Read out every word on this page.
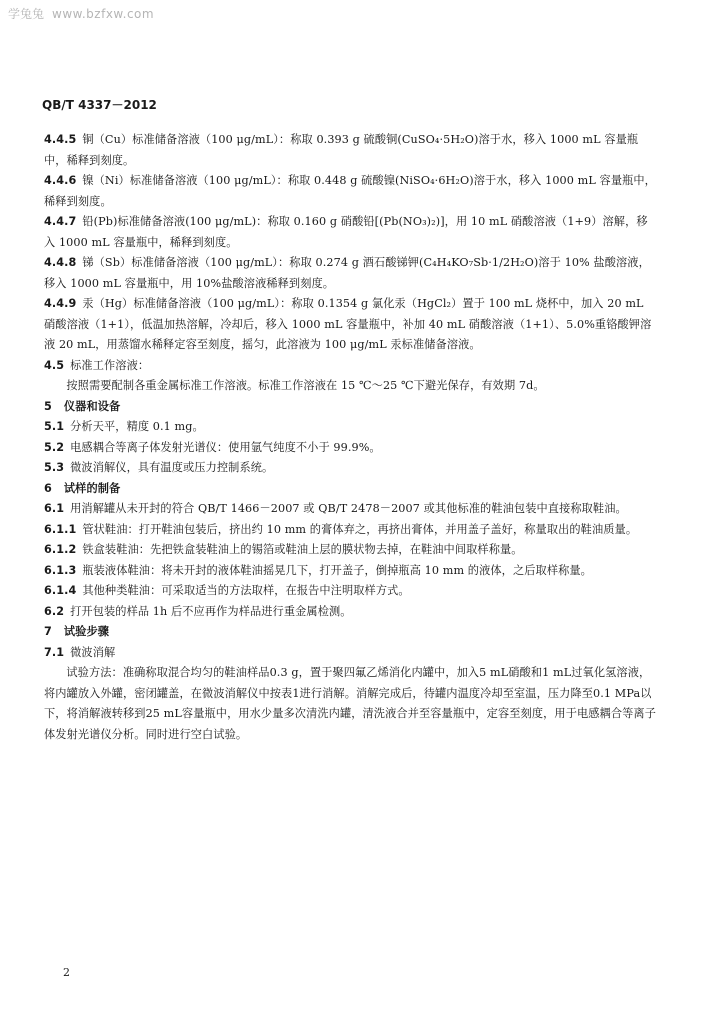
学兔兔 www.bzfxw.com
QB/T 4337－2012

4.4.5 铜（Cu）标准储备溶液（100 μg/mL）：称取 0.393 g 硫酸铜(CuSO₄·5H₂O)溶于水，移入 1000 mL 容量瓶中，稀释到刻度。

4.4.6 镍（Ni）标准储备溶液（100 μg/mL）：称取 0.448 g 硫酸镍(NiSO₄·6H₂O)溶于水，移入 1000 mL 容量瓶中，稀释到刻度。

4.4.7 铅(Pb)标准储备溶液(100 μg/mL)：称取 0.160 g 硝酸铅[(Pb(NO₃)₂)]，用 10 mL 硝酸溶液（1+9）溶解，移入 1000 mL 容量瓶中，稀释到刻度。

4.4.8 锑（Sb）标准储备溶液（100 μg/mL）：称取 0.274 g 酒石酸锑钾(C₄H₄KO₇Sb·1/2H₂O)溶于 10% 盐酸溶液，移入 1000 mL 容量瓶中，用 10%盐酸溶液稀释到刻度。

4.4.9 汞（Hg）标准储备溶液（100 μg/mL）：称取 0.1354 g 氯化汞（HgCl₂）置于 100 mL 烧杯中，加入 20 mL 硝酸溶液（1+1），低温加热溶解，冷却后，移入 1000 mL 容量瓶中，补加 40 mL 硝酸溶液（1+1）、5.0%重铬酸钾溶液 20 mL，用蒸馏水稀释定容至刻度，摇匀，此溶液为 100 μg/mL 汞标准储备溶液。

4.5 标准工作溶液：

按照需要配制各重金属标准工作溶液。标准工作溶液在 15 ℃～25 ℃下避光保存，有效期 7d。

5 仪器和设备

5.1 分析天平，精度 0.1 mg。

5.2 电感耦合等离子体发射光谱仪：使用氩气纯度不小于 99.9%。

5.3 微波消解仪，具有温度或压力控制系统。

6 试样的制备

6.1 用消解罐从未开封的符合 QB/T 1466－2007 或 QB/T 2478－2007 或其他标准的鞋油包装中直接称取鞋油。

6.1.1 管状鞋油：打开鞋油包装后，挤出约 10 mm 的膏体弃之，再挤出膏体，并用盖子盖好，称量取出的鞋油质量。

6.1.2 铁盒装鞋油：先把铁盒装鞋油上的锡箔或鞋油上层的膜状物去掉，在鞋油中间取样称量。

6.1.3 瓶装液体鞋油：将未开封的液体鞋油摇晃几下，打开盖子，倒掉瓶高 10 mm 的液体，之后取样称量。

6.1.4 其他种类鞋油：可采取适当的方法取样，在报告中注明取样方式。

6.2 打开包装的样品 1h 后不应再作为样品进行重金属检测。

7 试验步骤

7.1 微波消解

试验方法：准确称取混合均匀的鞋油样品0.3 g，置于聚四氟乙烯消化内罐中，加入5 mL硝酸和1 mL过氧化氢溶液，将内罐放入外罐，密闭罐盖，在微波消解仪中按表1进行消解。消解完成后，待罐内温度冷却至室温，压力降至0.1 MPa以下，将消解液转移到25 mL容量瓶中，用水少量多次清洗内罐，清洗液合并至容量瓶中，定容至刻度，用于电感耦合等离子体发射光谱仪分析。同时进行空白试验。

2
